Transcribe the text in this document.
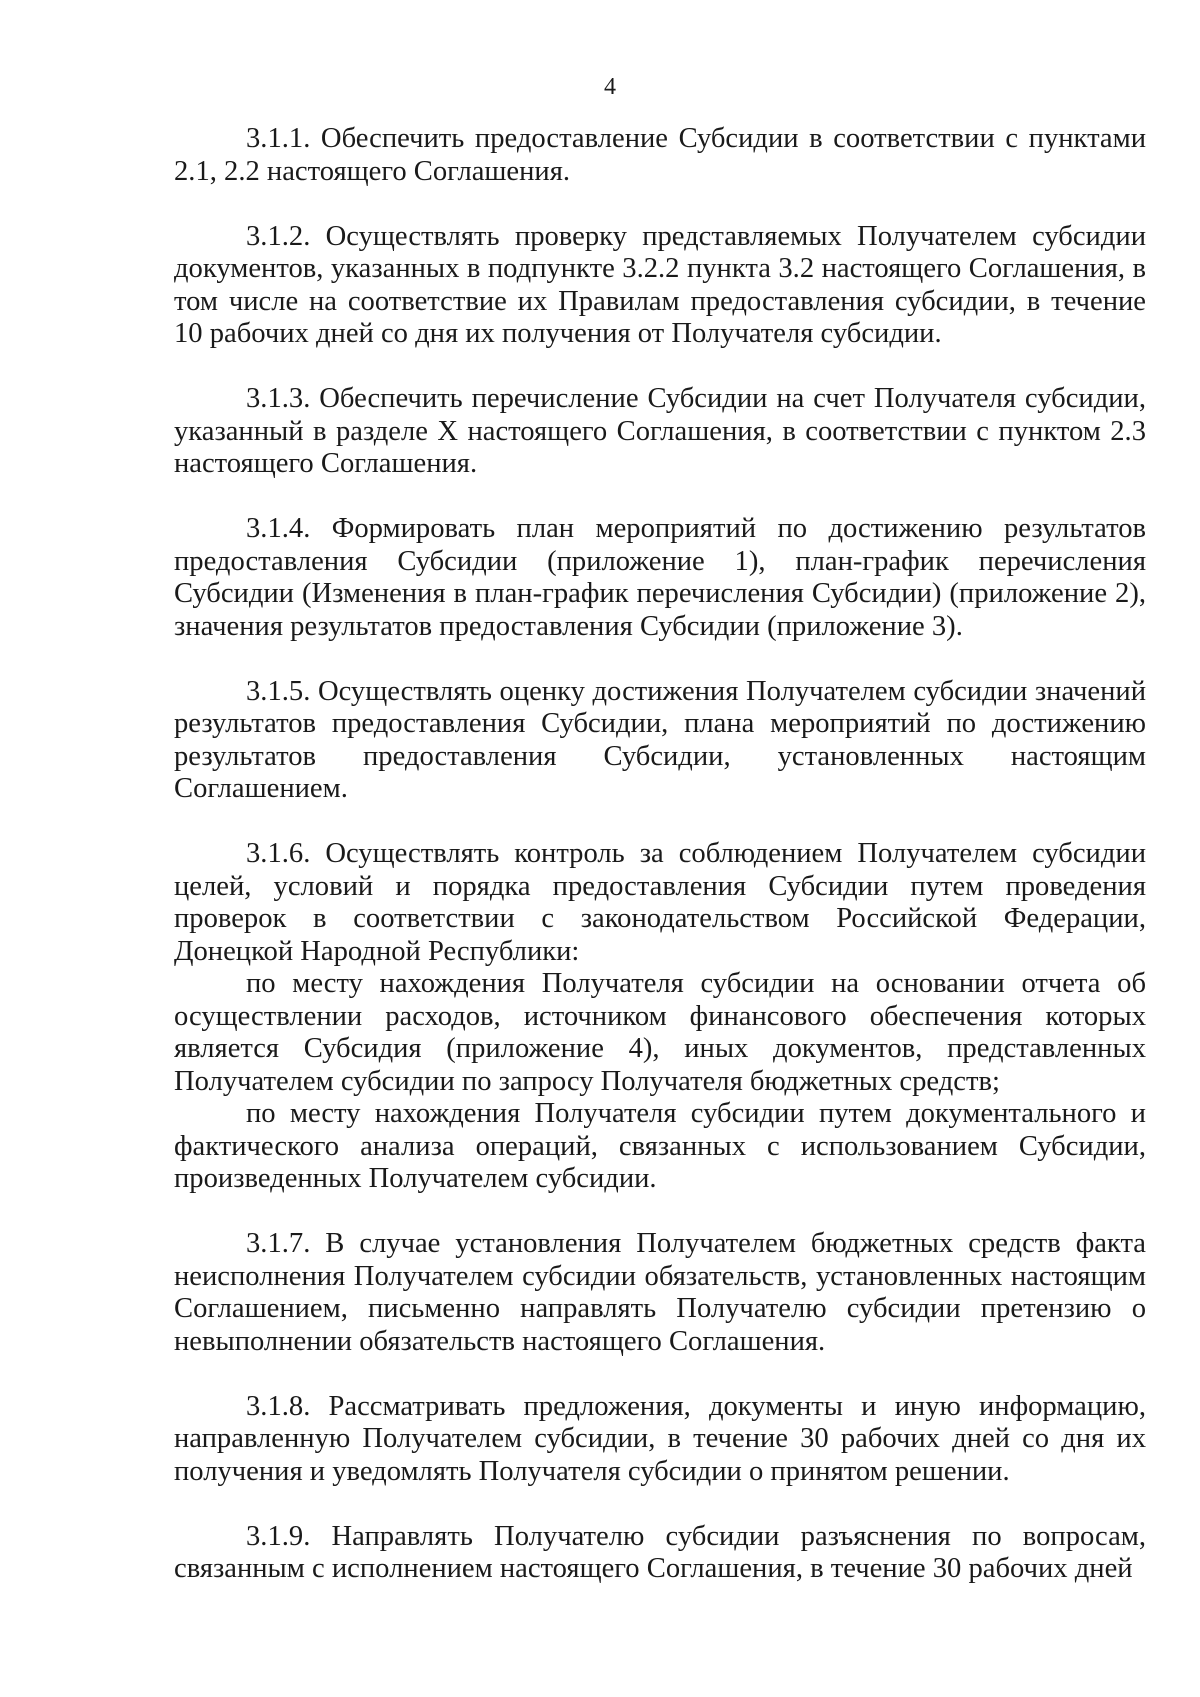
4

3.1.1. Обеспечить предоставление Субсидии в соответствии с пунктами 2.1, 2.2 настоящего Соглашения.

3.1.2. Осуществлять проверку представляемых Получателем субсидии документов, указанных в подпункте 3.2.2 пункта 3.2 настоящего Соглашения, в том числе на соответствие их Правилам предоставления субсидии, в течение 10 рабочих дней со дня их получения от Получателя субсидии.

3.1.3. Обеспечить перечисление Субсидии на счет Получателя субсидии, указанный в разделе X настоящего Соглашения, в соответствии с пунктом 2.3 настоящего Соглашения.

3.1.4. Формировать план мероприятий по достижению результатов предоставления Субсидии (приложение 1), план-график перечисления Субсидии (Изменения в план-график перечисления Субсидии) (приложение 2), значения результатов предоставления Субсидии (приложение 3).

3.1.5. Осуществлять оценку достижения Получателем субсидии значений результатов предоставления Субсидии, плана мероприятий по достижению результатов предоставления Субсидии, установленных настоящим Соглашением.

3.1.6. Осуществлять контроль за соблюдением Получателем субсидии целей, условий и порядка предоставления Субсидии путем проведения проверок в соответствии с законодательством Российской Федерации, Донецкой Народной Республики:

по месту нахождения Получателя субсидии на основании отчета об осуществлении расходов, источником финансового обеспечения которых является Субсидия (приложение 4), иных документов, представленных Получателем субсидии по запросу Получателя бюджетных средств;

по месту нахождения Получателя субсидии путем документального и фактического анализа операций, связанных с использованием Субсидии, произведенных Получателем субсидии.

3.1.7. В случае установления Получателем бюджетных средств факта неисполнения Получателем субсидии обязательств, установленных настоящим Соглашением, письменно направлять Получателю субсидии претензию о невыполнении обязательств настоящего Соглашения.

3.1.8. Рассматривать предложения, документы и иную информацию, направленную Получателем субсидии, в течение 30 рабочих дней со дня их получения и уведомлять Получателя субсидии о принятом решении.

3.1.9. Направлять Получателю субсидии разъяснения по вопросам, связанным с исполнением настоящего Соглашения, в течение 30 рабочих дней
